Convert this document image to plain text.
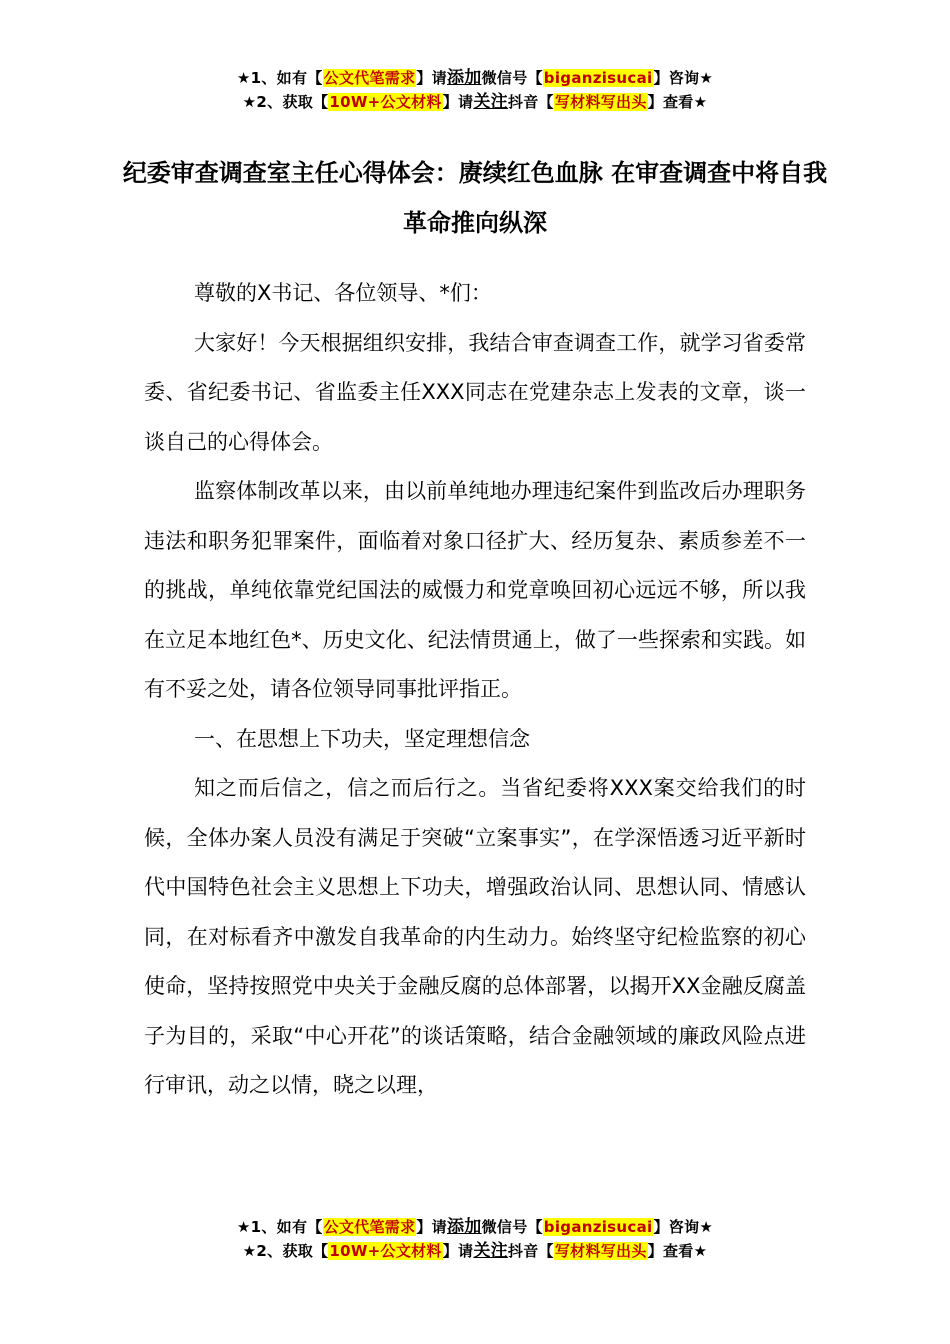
★1、如有【公文代笔需求】请添加微信号【biganzisucai】咨询★
★2、获取【10W+公文材料】请关注抖音【写材料写出头】查看★
纪委审查调查室主任心得体会：赓续红色血脉 在审查调查中将自我革命推向纵深

尊敬的X书记、各位领导、*们：

大家好！今天根据组织安排，我结合审查调查工作，就学习省委常委、省纪委书记、省监委主任XXX同志在党建杂志上发表的文章，谈一谈自己的心得体会。

监察体制改革以来，由以前单纯地办理违纪案件到监改后办理职务违法和职务犯罪案件，面临着对象口径扩大、经历复杂、素质参差不一的挑战，单纯依靠党纪国法的威慑力和党章唤回初心远远不够，所以我在立足本地红色*、历史文化、纪法情贯通上，做了一些探索和实践。如有不妥之处，请各位领导同事批评指正。

一、在思想上下功夫，坚定理想信念

知之而后信之，信之而后行之。当省纪委将XXX案交给我们的时候，全体办案人员没有满足于突破“立案事实”，在学深悟透习近平新时代中国特色社会主义思想上下功夫，增强政治认同、思想认同、情感认同，在对标看齐中激发自我革命的内生动力。始终坚守纪检监察的初心使命，坚持按照党中央关于金融反腐的总体部署，以揭开XX金融反腐盖子为目的，采取“中心开花”的谈话策略，结合金融领域的廉政风险点进行审讯，动之以情，晓之以理，

★1、如有【公文代笔需求】请添加微信号【biganzisucai】咨询★
★2、获取【10W+公文材料】请关注抖音【写材料写出头】查看★
